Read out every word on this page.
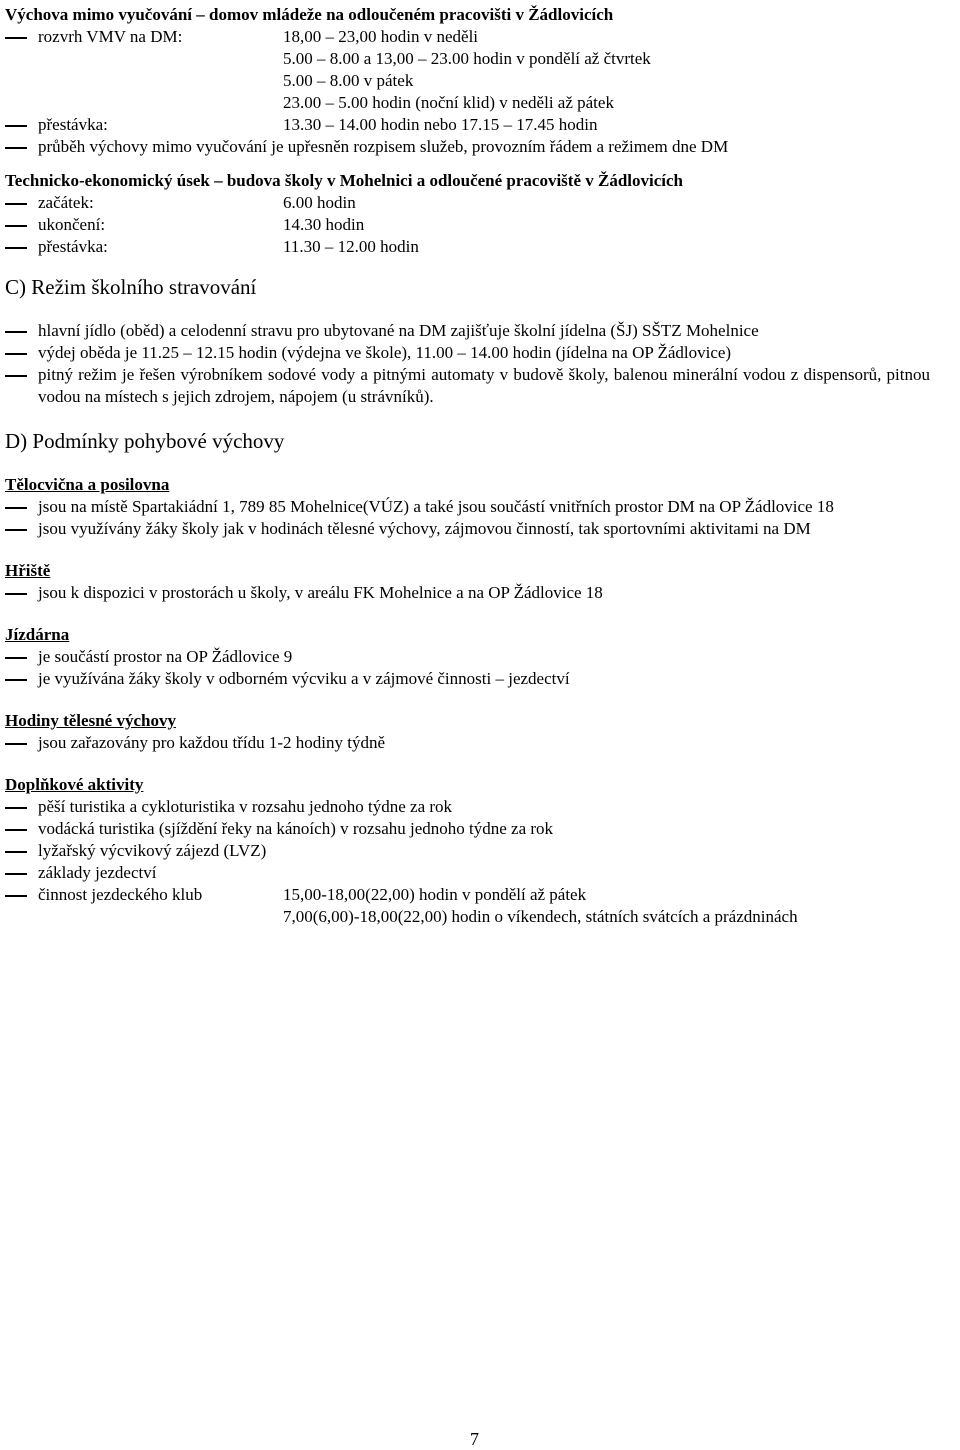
Výchova mimo vyučování – domov mládeže na odloučeném pracovišti v Žádlovicích
rozvrh VMV na DM:	18,00 – 23,00 hodin v neděli
5.00 – 8.00 a 13,00 – 23.00 hodin v pondělí až čtvrtek
5.00 – 8.00 v pátek
23.00 – 5.00 hodin (noční klid) v neděli až pátek
přestávka:	13.30 – 14.00 hodin nebo 17.15 – 17.45 hodin
průběh výchovy mimo vyučování je upřesněn rozpisem služeb, provozním řádem a režimem dne DM
Technicko-ekonomický úsek – budova školy v Mohelnici a odloučené pracoviště v Žádlovicích
začátek:	6.00 hodin
ukončení:	14.30 hodin
přestávka:	11.30 – 12.00 hodin
C) Režim školního stravování
hlavní jídlo (oběd) a celodenní stravu pro ubytované na DM zajišťuje školní jídelna (ŠJ) SŠTZ Mohelnice
výdej oběda je 11.25 – 12.15 hodin (výdejna ve škole), 11.00 – 14.00 hodin (jídelna na OP Žádlovice)
pitný režim je řešen výrobníkem sodové vody a pitnými automaty v budově školy, balenou minerální vodou z dispensorů, pitnou vodou na místech s jejich zdrojem, nápojem (u strávníků).
D) Podmínky pohybové výchovy
Tělocvična a posilovna
jsou na místě Spartakiádní 1, 789 85 Mohelnice(VÚZ) a také jsou součástí vnitřních prostor DM na OP Žádlovice 18
jsou využívány žáky školy jak v hodinách tělesné výchovy, zájmovou činností, tak sportovními aktivitami na DM
Hřiště
jsou k dispozici v prostorách u školy, v areálu FK Mohelnice a na OP Žádlovice 18
Jízdárna
je součástí prostor na OP Žádlovice 9
je využívána žáky školy v odborném výcviku a v zájmové činnosti – jezdectví
Hodiny tělesné výchovy
jsou zařazovány pro každou třídu 1-2 hodiny týdně
Doplňkové aktivity
pěší turistika a cykloturistika v rozsahu jednoho týdne za rok
vodácká turistika (sjíždění řeky na kánoích) v rozsahu jednoho týdne za rok
lyžařský výcvikový zájezd (LVZ)
základy jezdectví
činnost jezdeckého klub	15,00-18,00(22,00) hodin v pondělí až pátek
7,00(6,00)-18,00(22,00) hodin o víkendech, státních svátcích a prázdninách
7
